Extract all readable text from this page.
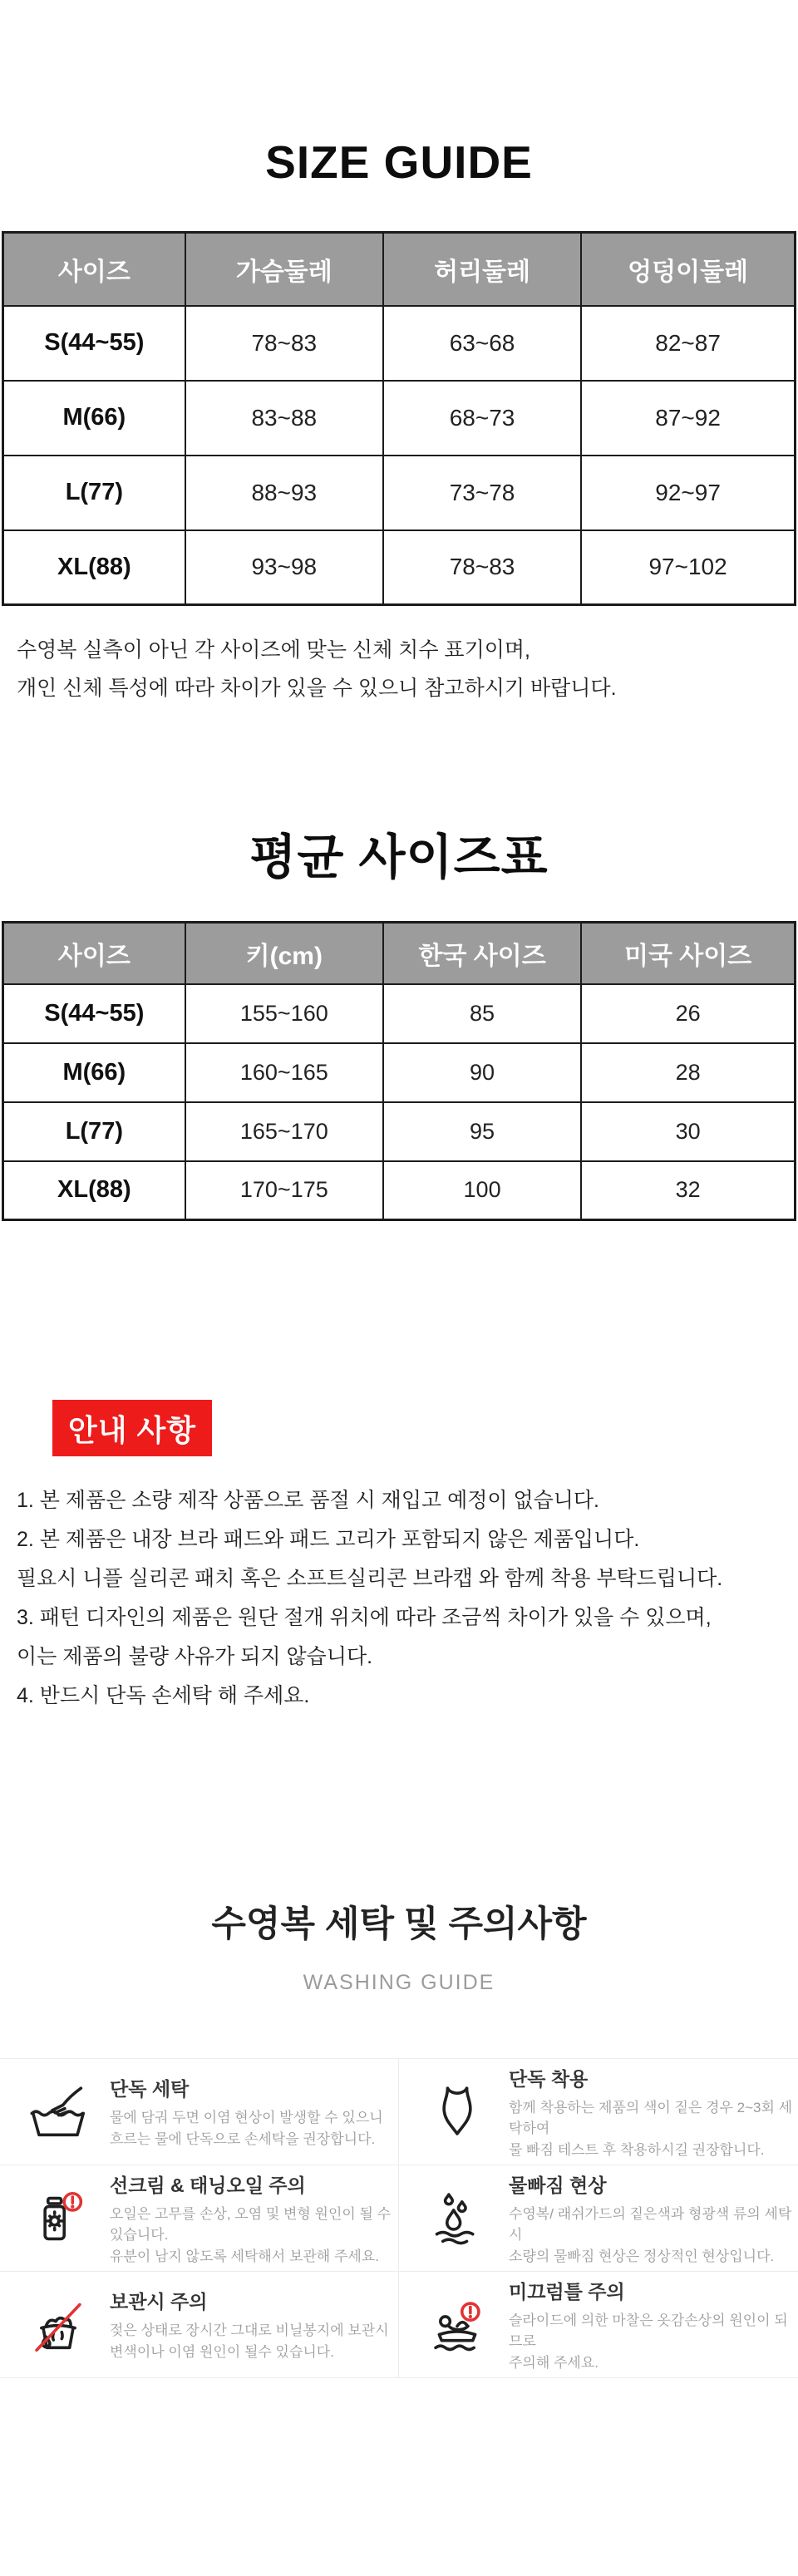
SIZE GUIDE
사이즈	가슴둘레	허리둘레	엉덩이둘레
S(44~55)	78~83	63~68	82~87
M(66)	83~88	68~73	87~92
L(77)	88~93	73~78	92~97
XL(88)	93~98	78~83	97~102

수영복 실측이 아닌 각 사이즈에 맞는 신체 치수 표기이며,

개인 신체 특성에 따라 차이가 있을 수 있으니 참고하시기 바랍니다.

평균 사이즈표
사이즈	키(cm)	한국 사이즈	미국 사이즈
S(44~55)	155~160	85	26
M(66)	160~165	90	28
L(77)	165~170	95	30
XL(88)	170~175	100	32
안내 사항

1. 본 제품은 소량 제작 상품으로 품절 시 재입고 예정이 없습니다.

2. 본 제품은 내장 브라 패드와 패드 고리가 포함되지 않은 제품입니다.

필요시 니플 실리콘 패치 혹은 소프트실리콘 브라캡 와 함께 착용 부탁드립니다.

3. 패턴 디자인의 제품은 원단 절개 위치에 따라 조금씩 차이가 있을 수 있으며,

이는 제품의 불량 사유가 되지 않습니다.

4. 반드시 단독 손세탁 해 주세요.

수영복 세탁 및 주의사항
WASHING GUIDE

단독 세탁

물에 담궈 두면 이염 현상이 발생할 수 있으니
흐르는 물에 단독으로 손세탁을 권장합니다.

단독 착용

함께 착용하는 제품의 색이 짙은 경우 2~3회 세탁하여
물 빠짐 테스트 후 착용하시길 권장합니다.

선크림 & 태닝오일 주의

오일은 고무를 손상, 오염 및 변형 원인이 될 수 있습니다.
유분이 남지 않도록 세탁해서 보관해 주세요.

물빠짐 현상

수영복/ 래쉬가드의 짙은색과 형광색 류의 세탁시
소량의 물빠짐 현상은 정상적인 현상입니다.

보관시 주의

젖은 상태로 장시간 그대로 비닐봉지에 보관시
변색이나 이염 원인이 될수 있습니다.

미끄럼틀 주의

슬라이드에 의한 마찰은 옷감손상의 원인이 되므로
주의해 주세요.
